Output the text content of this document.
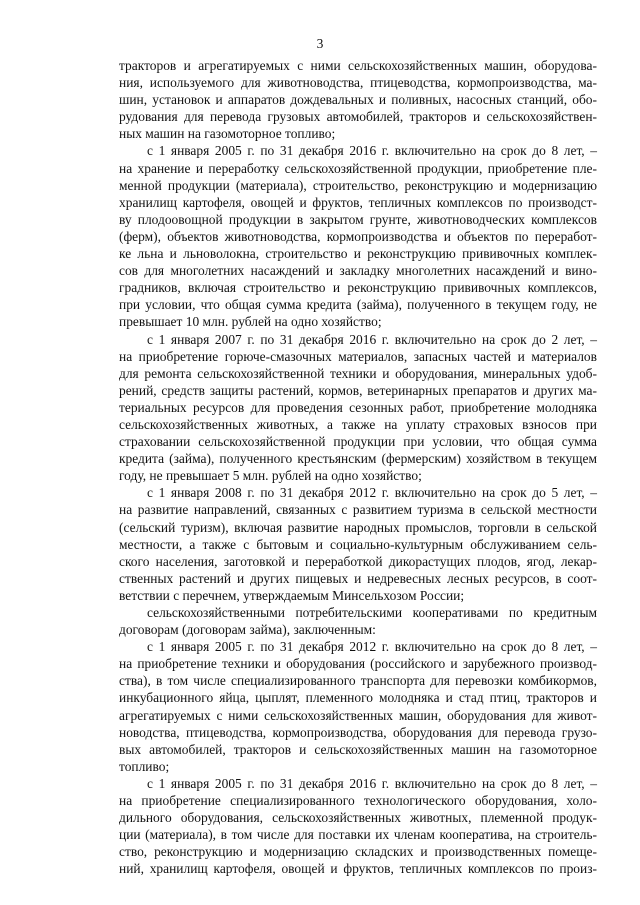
3
тракторов и агрегатируемых с ними сельскохозяйственных машин, оборудова-
ния, используемого для животноводства, птицеводства, кормопроизводства, ма-
шин, установок и аппаратов дождевальных и поливных, насосных станций, обо-
рудования для перевода грузовых автомобилей, тракторов и сельскохозяйствен-
ных машин на газомоторное топливо;
с 1 января 2005 г. по 31 декабря 2016 г. включительно на срок до 8 лет, –
на хранение и переработку сельскохозяйственной продукции, приобретение пле-
менной продукции (материала), строительство, реконструкцию и модернизацию
хранилищ картофеля, овощей и фруктов, тепличных комплексов по производст-
ву плодоовощной продукции в закрытом грунте, животноводческих комплексов
(ферм), объектов животноводства, кормопроизводства и объектов по переработ-
ке льна и льноволокна, строительство и реконструкцию прививочных комплек-
сов для многолетних насаждений и закладку многолетних насаждений и вино-
градников, включая строительство и реконструкцию прививочных комплексов,
при условии, что общая сумма кредита (займа), полученного в текущем году, не
превышает 10 млн. рублей на одно хозяйство;
с 1 января 2007 г. по 31 декабря 2016 г. включительно на срок до 2 лет, –
на приобретение горюче-смазочных материалов, запасных частей и материалов
для ремонта сельскохозяйственной техники и оборудования, минеральных удоб-
рений, средств защиты растений, кормов, ветеринарных препаратов и других ма-
териальных ресурсов для проведения сезонных работ, приобретение молодняка
сельскохозяйственных животных, а также на уплату страховых взносов при
страховании сельскохозяйственной продукции при условии, что общая сумма
кредита (займа), полученного крестьянским (фермерским) хозяйством в текущем
году, не превышает 5 млн. рублей на одно хозяйство;
с 1 января 2008 г. по 31 декабря 2012 г. включительно на срок до 5 лет, –
на развитие направлений, связанных с развитием туризма в сельской местности
(сельский туризм), включая развитие народных промыслов, торговли в сельской
местности, а также с бытовым и социально-культурным обслуживанием сель-
ского населения, заготовкой и переработкой дикорастущих плодов, ягод, лекар-
ственных растений и других пищевых и недревесных лесных ресурсов, в соот-
ветствии с перечнем, утверждаемым Минсельхозом России;
сельскохозяйственными потребительскими кооперативами по кредитным
договорам (договорам займа), заключенным:
с 1 января 2005 г. по 31 декабря 2012 г. включительно на срок до 8 лет, –
на приобретение техники и оборудования (российского и зарубежного производ-
ства), в том числе специализированного транспорта для перевозки комбикормов,
инкубационного яйца, цыплят, племенного молодняка и стад птиц, тракторов и
агрегатируемых с ними сельскохозяйственных машин, оборудования для живот-
новодства, птицеводства, кормопроизводства, оборудования для перевода грузо-
вых автомобилей, тракторов и сельскохозяйственных машин на газомоторное
топливо;
с 1 января 2005 г. по 31 декабря 2016 г. включительно на срок до 8 лет, –
на приобретение специализированного технологического оборудования, холо-
дильного оборудования, сельскохозяйственных животных, племенной продук-
ции (материала), в том числе для поставки их членам кооператива, на строитель-
ство, реконструкцию и модернизацию складских и производственных помеще-
ний, хранилищ картофеля, овощей и фруктов, тепличных комплексов по произ-
